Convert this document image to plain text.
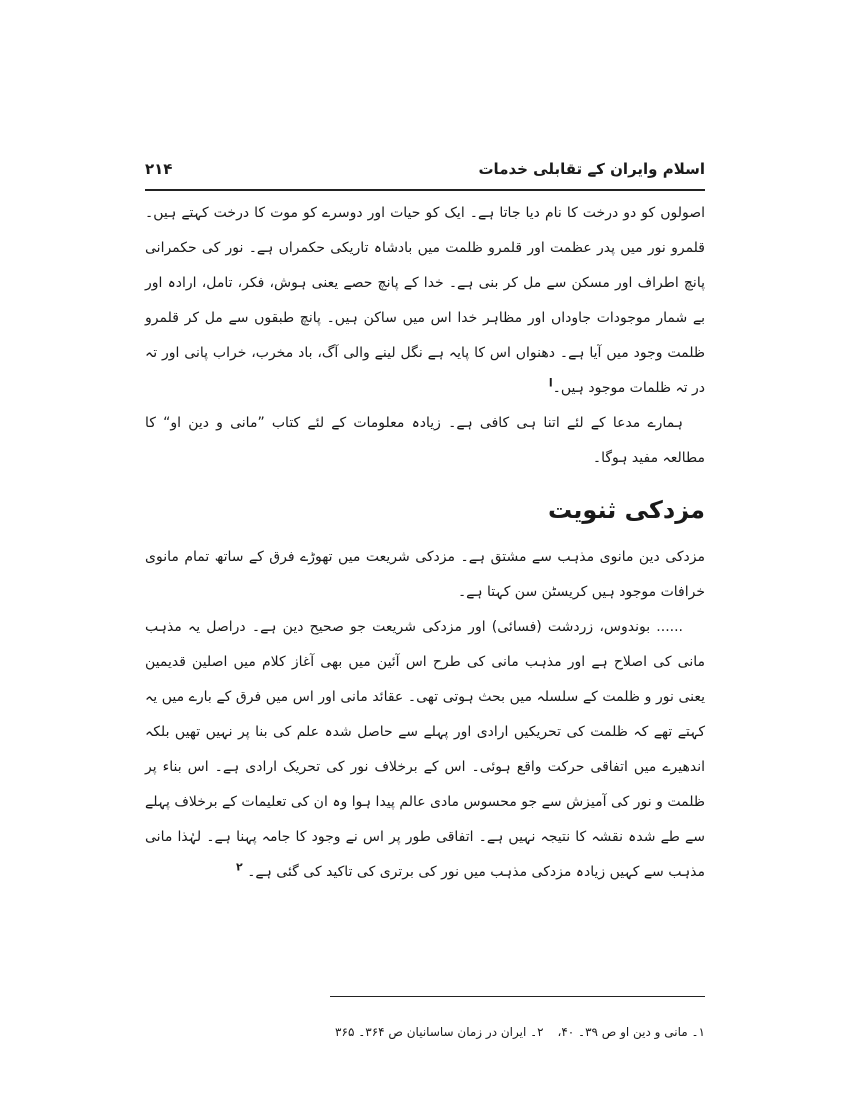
اسلام وایران کے تقابلی خدمات
۲۱۴

اصولوں کو دو درخت کا نام دیا جاتا ہے۔ ایک کو حیات اور دوسرے کو موت کا درخت کہتے ہیں۔ قلمرو نور میں پدر عظمت اور قلمرو ظلمت میں بادشاہ تاریکی حکمراں ہے۔ نور کی حکمرانی پانچ اطراف اور مسکن سے مل کر بنی ہے۔ خدا کے پانچ حصے یعنی ہوش، فکر، تامل، ارادہ اور بے شمار موجودات جاوداں اور مظاہر خدا اس میں ساکن ہیں۔ پانچ طبقوں سے مل کر قلمرو ظلمت وجود میں آیا ہے۔ دھنواں اس کا پایہ ہے نگل لینے والی آگ، باد مخرب، خراب پانی اور تہ در تہ ظلمات موجود ہیں۔$^ا$

ہمارے مدعا کے لئے اتنا ہی کافی ہے۔ زیادہ معلومات کے لئے کتاب ”مانی و دین او“ کا مطالعہ مفید ہوگا۔

مزدکی ثنویت

مزدکی دین مانوی مذہب سے مشتق ہے۔ مزدکی شریعت میں تھوڑے فرق کے ساتھ تمام مانوی خرافات موجود ہیں کریسٹن سن کہتا ہے۔

...... بوندوس، زردشت (فسائی) اور مزدکی شریعت جو صحیح دین ہے۔ دراصل یہ مذہب مانی کی اصلاح ہے اور مذہب مانی کی طرح اس آئین میں بھی آغاز کلام میں اصلین قدیمین یعنی نور و ظلمت کے سلسلہ میں بحث ہوتی تھی۔ عقائد مانی اور اس میں فرق کے بارے میں یہ کہتے تھے کہ ظلمت کی تحریکیں ارادی اور پہلے سے حاصل شدہ علم کی بنا پر نہیں تھیں بلکہ اندھیرے میں اتفاقی حرکت واقع ہوئی۔ اس کے برخلاف نور کی تحریک ارادی ہے۔ اس بناء پر ظلمت و نور کی آمیزش سے جو محسوس مادی عالم پیدا ہوا وہ ان کی تعلیمات کے برخلاف پہلے سے طے شدہ نقشہ کا نتیجہ نہیں ہے۔ اتفاقی طور پر اس نے وجود کا جامہ پہنا ہے۔ لہٰذا مانی مذہب سے کہیں زیادہ مزدکی مذہب میں نور کی برتری کی تاکید کی گئی ہے۔ $^۲$

۱۔ مانی و دین او ص ۳۹۔ ۴۰، ۲۔ ایران در زمان ساسانیان ص ۳۶۴۔ ۳۶۵
